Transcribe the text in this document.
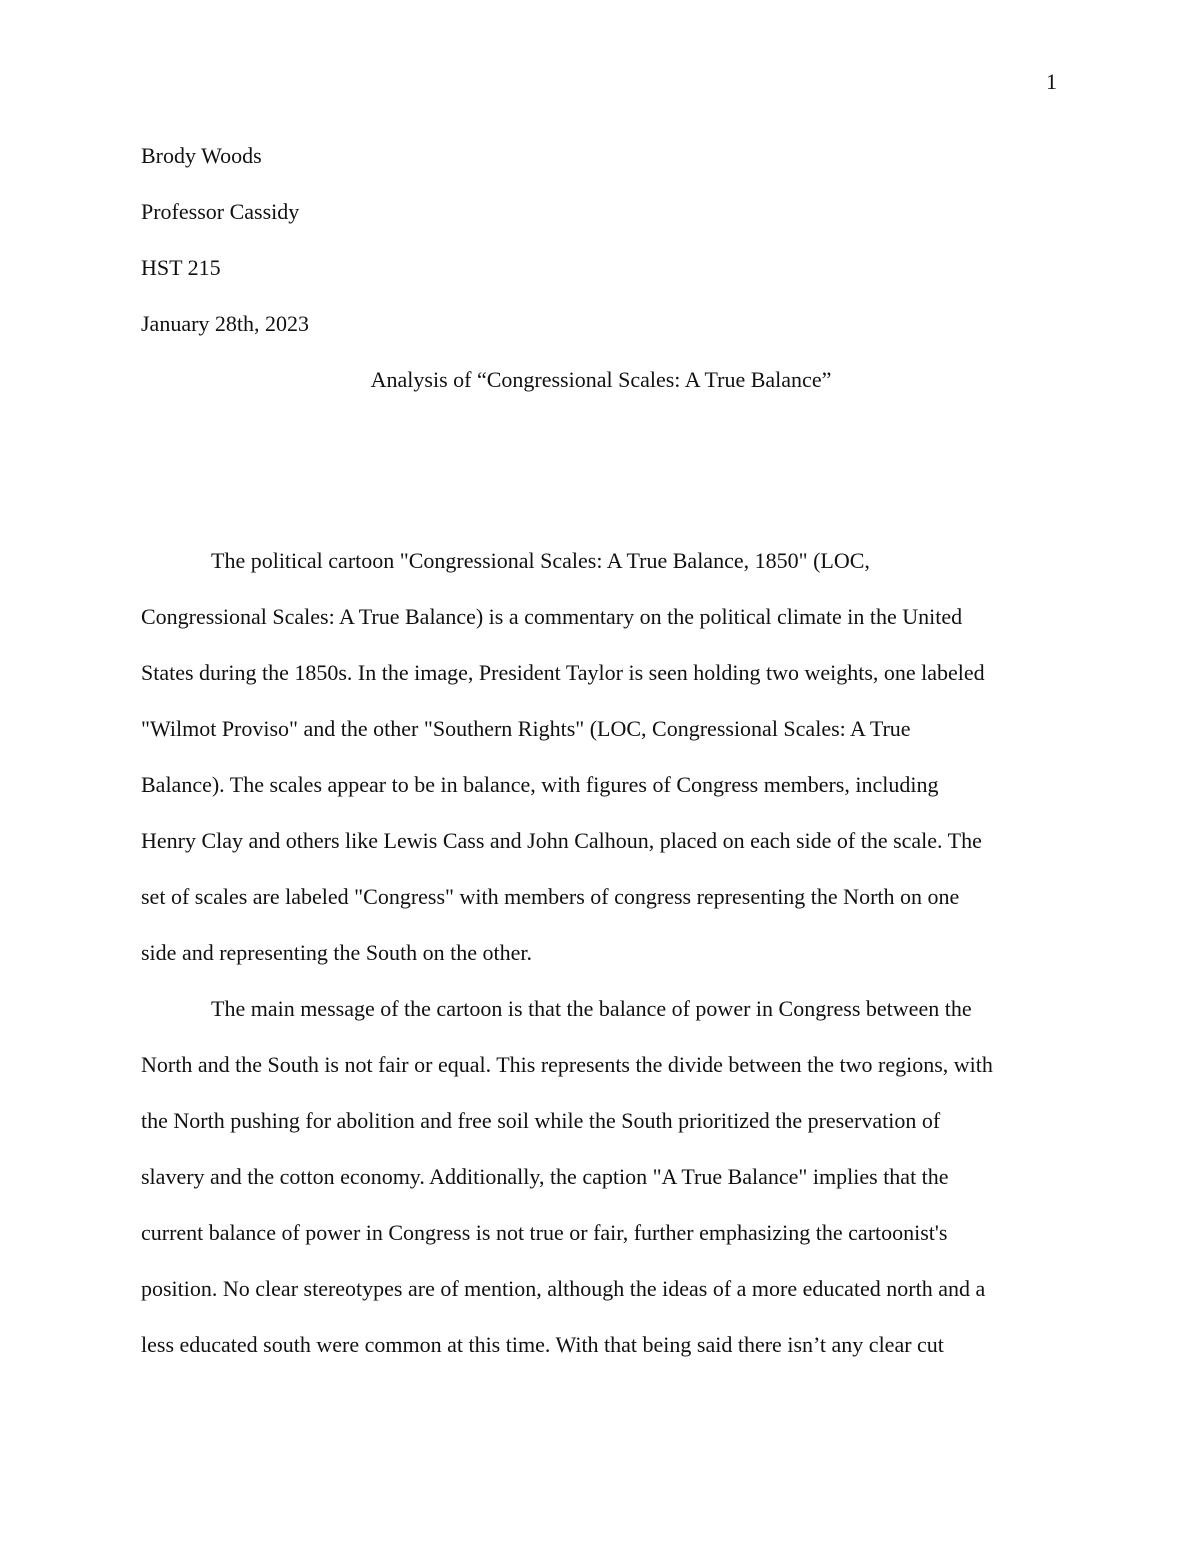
1
Brody Woods
Professor Cassidy
HST 215
January 28th, 2023
Analysis of “Congressional Scales: A True Balance”
The political cartoon "Congressional Scales: A True Balance, 1850" (LOC,
Congressional Scales: A True Balance) is a commentary on the political climate in the United
States during the 1850s. In the image, President Taylor is seen holding two weights, one labeled
"Wilmot Proviso" and the other "Southern Rights" (LOC, Congressional Scales: A True
Balance). The scales appear to be in balance, with figures of Congress members, including
Henry Clay and others like Lewis Cass and John Calhoun, placed on each side of the scale. The
set of scales are labeled "Congress" with members of congress representing the North on one
side and representing the South on the other.
The main message of the cartoon is that the balance of power in Congress between the
North and the South is not fair or equal. This represents the divide between the two regions, with
the North pushing for abolition and free soil while the South prioritized the preservation of
slavery and the cotton economy. Additionally, the caption "A True Balance" implies that the
current balance of power in Congress is not true or fair, further emphasizing the cartoonist's
position. No clear stereotypes are of mention, although the ideas of a more educated north and a
less educated south were common at this time. With that being said there isn’t any clear cut
